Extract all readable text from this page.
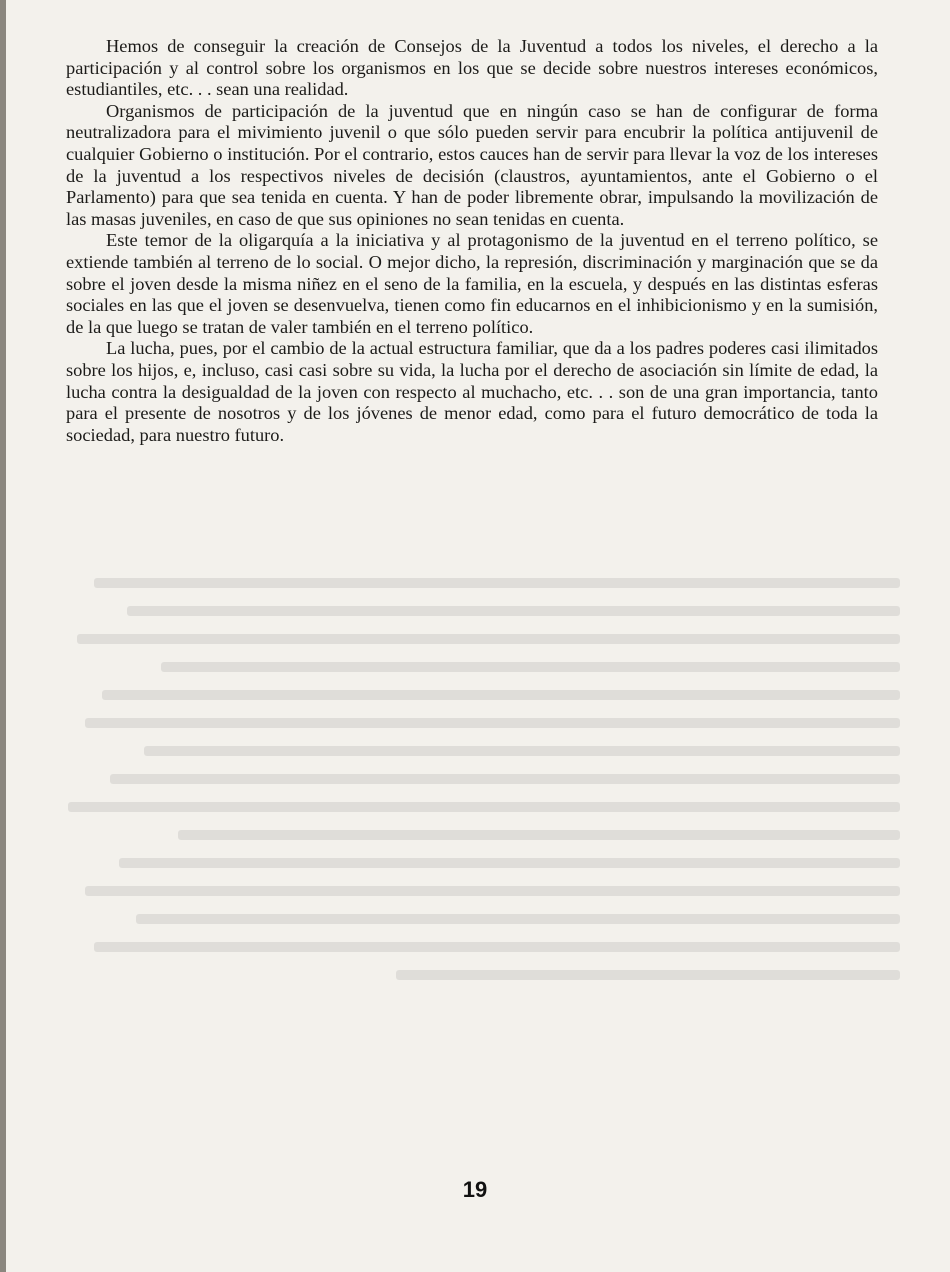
Hemos de conseguir la creación de Consejos de la Juventud a todos los niveles, el derecho a la participación y al control sobre los organismos en los que se decide sobre nuestros intereses económicos, estudiantiles, etc. . . sean una realidad.

Organismos de participación de la juventud que en ningún caso se han de configurar de forma neutralizadora para el mivimiento juvenil o que sólo pueden servir para encubrir la política antijuvenil de cualquier Gobierno o institución. Por el contrario, estos cauces han de servir para llevar la voz de los intereses de la juventud a los respectivos niveles de decisión (claustros, ayuntamientos, ante el Gobierno o el Parlamento) para que sea tenida en cuenta. Y han de poder libremente obrar, impulsando la movilización de las masas juveniles, en caso de que sus opiniones no sean tenidas en cuenta.

Este temor de la oligarquía a la iniciativa y al protagonismo de la juventud en el terreno político, se extiende también al terreno de lo social. O mejor dicho, la represión, discriminación y marginación que se da sobre el joven desde la misma niñez en el seno de la familia, en la escuela, y después en las distintas esferas sociales en las que el joven se desenvuelva, tienen como fin educarnos en el inhibicionismo y en la sumisión, de la que luego se tratan de valer también en el terreno político.

La lucha, pues, por el cambio de la actual estructura familiar, que da a los padres poderes casi ilimitados sobre los hijos, e, incluso, casi casi sobre su vida, la lucha por el derecho de asociación sin límite de edad, la lucha contra la desigualdad de la joven con respecto al muchacho, etc. . . son de una gran importancia, tanto para el presente de nosotros y de los jóvenes de menor edad, como para el futuro democrático de toda la sociedad, para nuestro futuro.

19
